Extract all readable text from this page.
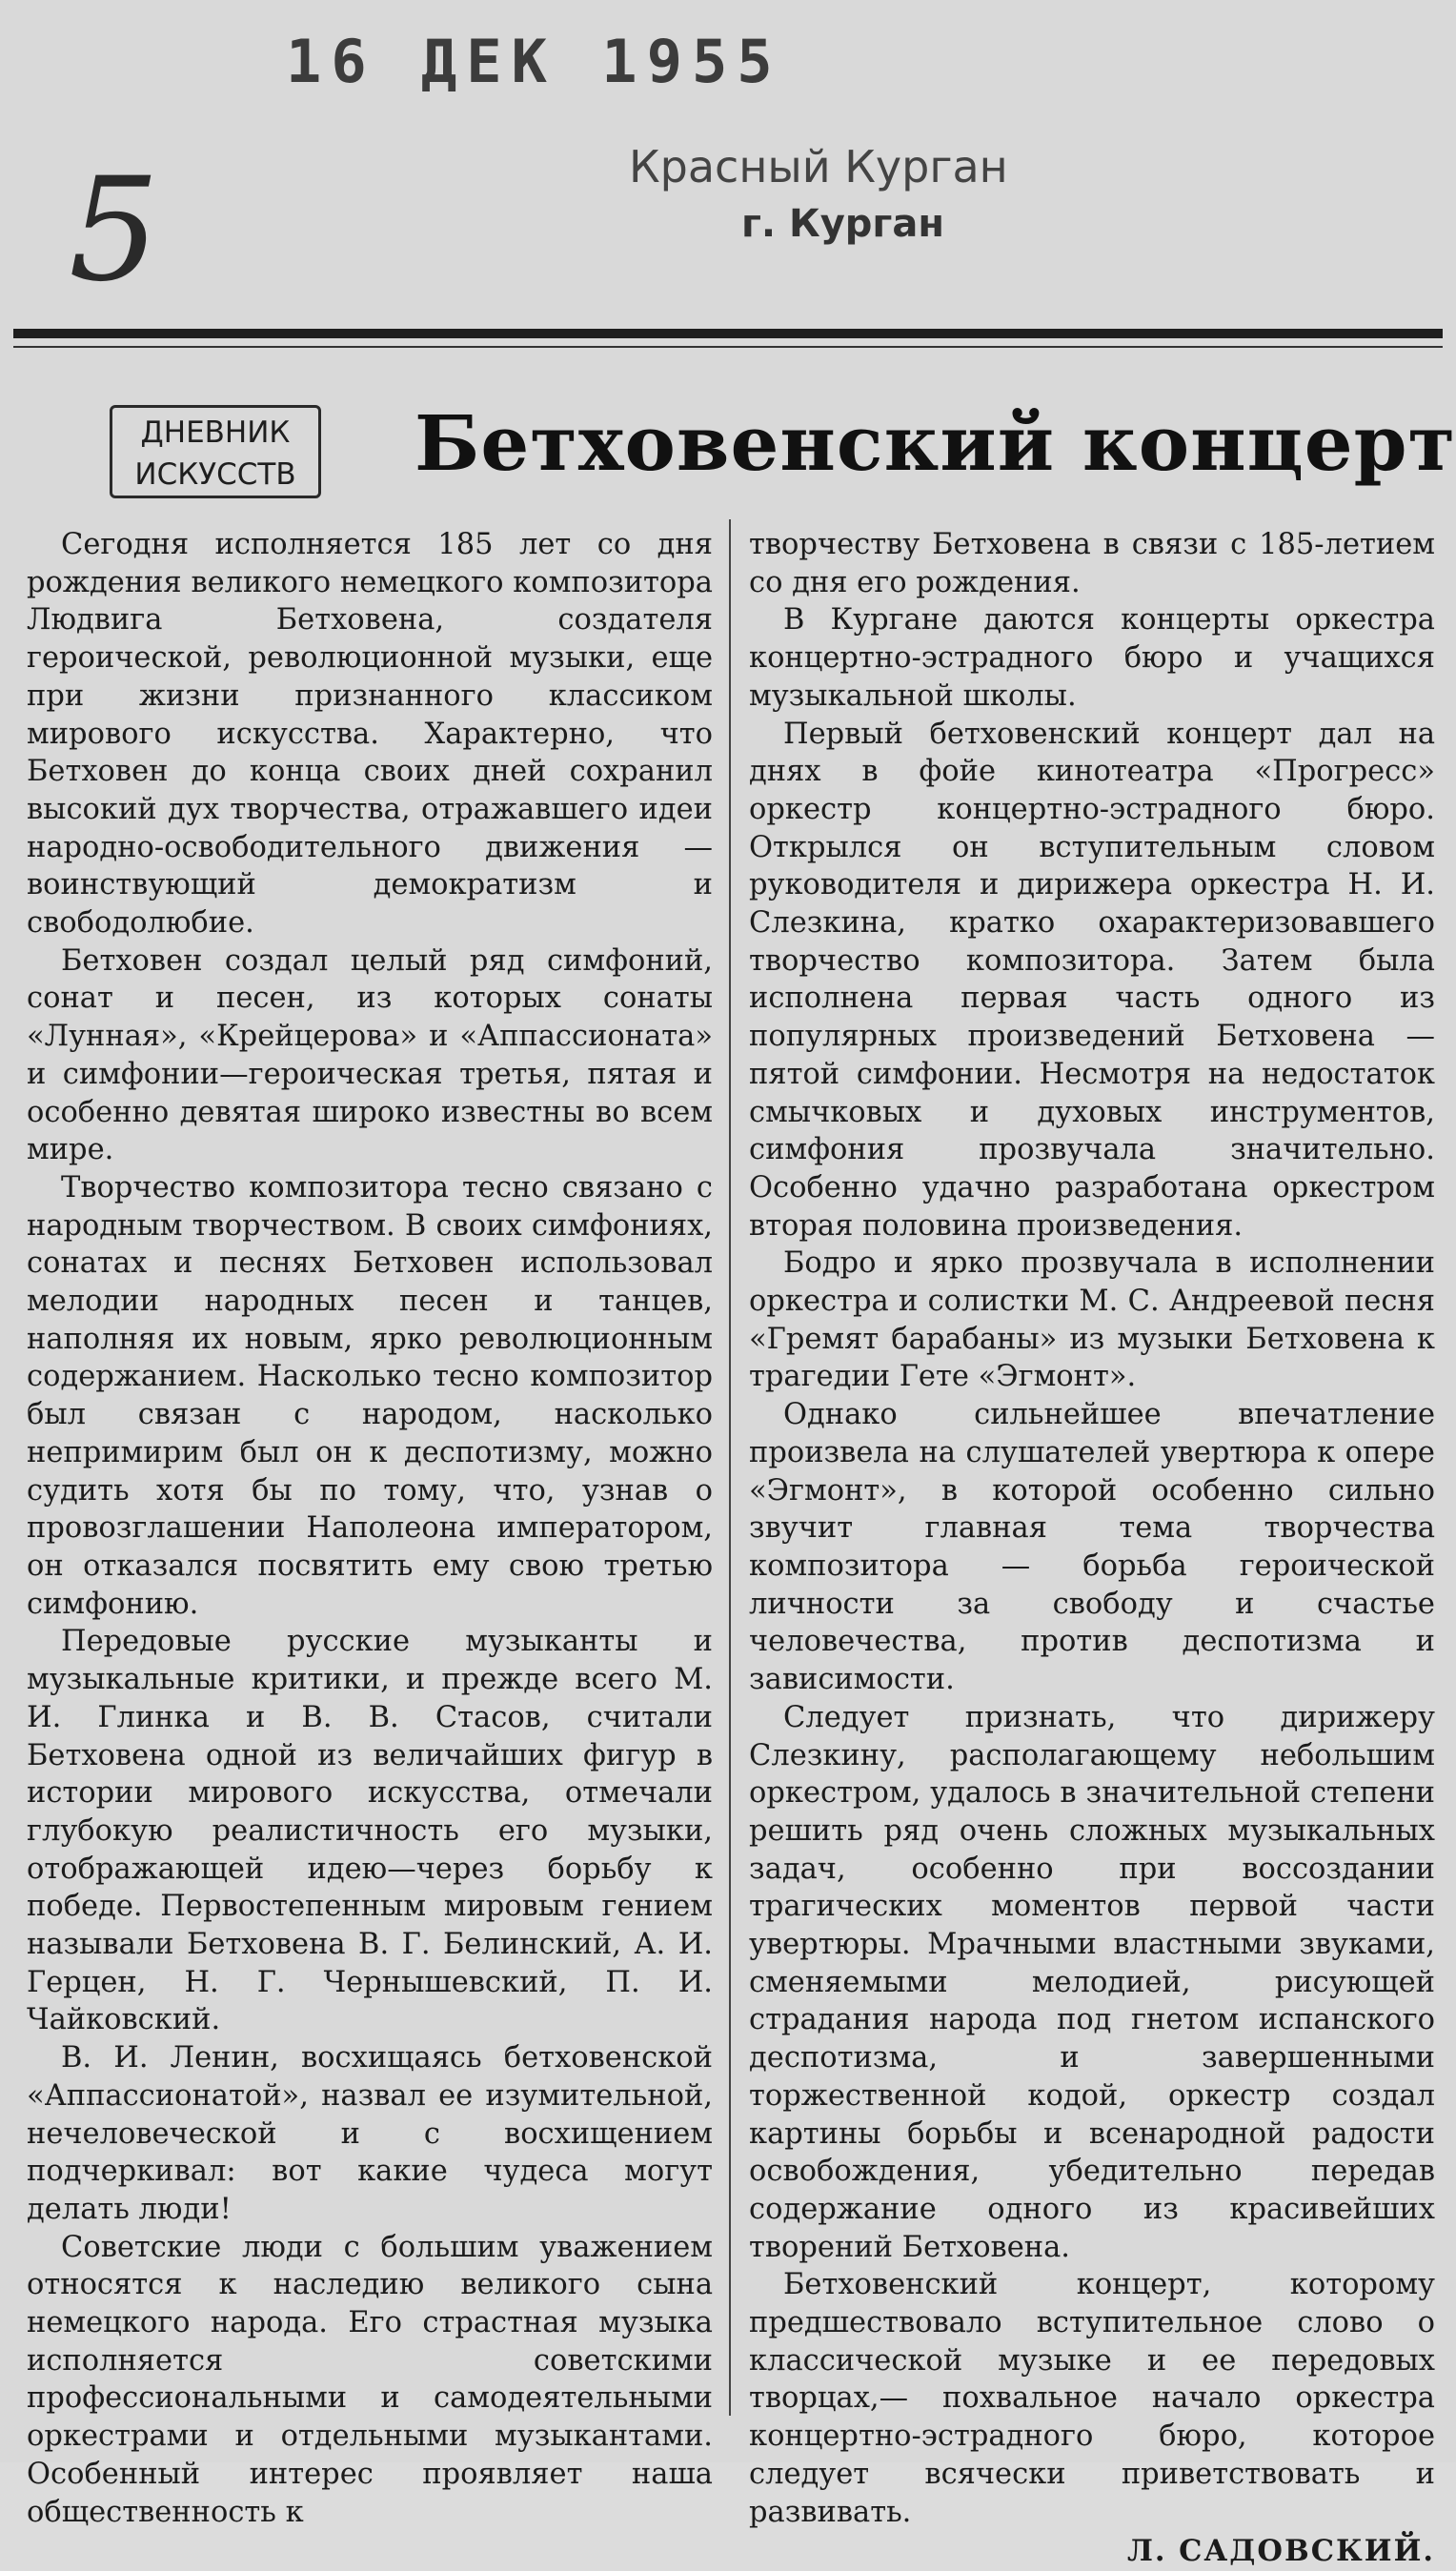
16 ДЕК 1955
Красный Курган
г. Курган
5
ДНЕВНИК
ИСКУССТВ Бетховенский концерт

Сегодня исполняется 185 лет со дня рождения великого немецкого композитора Людвига Бетховена, создателя героической, революционной музыки, еще при жизни признанного классиком мирового искусства. Характерно, что Бетховен до конца своих дней сохранил высокий дух творчества, отражавшего идеи народно-освободительного движения — воинствующий демократизм и свободолюбие.

Бетховен создал целый ряд симфоний, сонат и песен, из которых сонаты «Лунная», «Крейцерова» и «Аппассионата» и симфонии—героическая третья, пятая и особенно девятая широко известны во всем мире.

Творчество композитора тесно связано с народным творчеством. В своих симфониях, сонатах и песнях Бетховен использовал мелодии народных песен и танцев, наполняя их новым, ярко революционным содержанием. Насколько тесно композитор был связан с народом, насколько непримирим был он к деспотизму, можно судить хотя бы по тому, что, узнав о провозглашении Наполеона императором, он отказался посвятить ему свою третью симфонию.

Передовые русские музыканты и музыкальные критики, и прежде всего М. И. Глинка и В. В. Стасов, считали Бетховена одной из величайших фигур в истории мирового искусства, отмечали глубокую реалистичность его музыки, отображающей идею—через борьбу к победе. Первостепенным мировым гением называли Бетховена В. Г. Белинский, А. И. Герцен, Н. Г. Чернышевский, П. И. Чайковский.

В. И. Ленин, восхищаясь бетховенской «Аппассионатой», назвал ее изумительной, нечеловеческой и с восхищением подчеркивал: вот какие чудеса могут делать люди!

Советские люди с большим уважением относятся к наследию великого сына немецкого народа. Его страстная музыка исполняется советскими профессиональными и самодеятельными оркестрами и отдельными музыкантами. Особенный интерес проявляет наша общественность к

творчеству Бетховена в связи с 185-летием со дня его рождения.

В Кургане даются концерты оркестра концертно-эстрадного бюро и учащихся музыкальной школы.

Первый бетховенский концерт дал на днях в фойе кинотеатра «Прогресс» оркестр концертно-эстрадного бюро. Открылся он вступительным словом руководителя и дирижера оркестра Н. И. Слезкина, кратко охарактеризовавшего творчество композитора. Затем была исполнена первая часть одного из популярных произведений Бетховена — пятой симфонии. Несмотря на недостаток смычковых и духовых инструментов, симфония прозвучала значительно. Особенно удачно разработана оркестром вторая половина произведения.

Бодро и ярко прозвучала в исполнении оркестра и солистки М. С. Андреевой песня «Гремят барабаны» из музыки Бетховена к трагедии Гете «Эгмонт».

Однако сильнейшее впечатление произвела на слушателей увертюра к опере «Эгмонт», в которой особенно сильно звучит главная тема творчества композитора — борьба героической личности за свободу и счастье человечества, против деспотизма и зависимости.

Следует признать, что дирижеру Слезкину, располагающему небольшим оркестром, удалось в значительной степени решить ряд очень сложных музыкальных задач, особенно при воссоздании трагических моментов первой части увертюры. Мрачными властными звуками, сменяемыми мелодией, рисующей страдания народа под гнетом испанского деспотизма, и завершенными торжественной кодой, оркестр создал картины борьбы и всенародной радости освобождения, убедительно передав содержание одного из красивейших творений Бетховена.

Бетховенский концерт, которому предшествовало вступительное слово о классической музыке и ее передовых творцах,— похвальное начало оркестра концертно-эстрадного бюро, которое следует всячески приветствовать и развивать.

Л. САДОВСКИЙ.
